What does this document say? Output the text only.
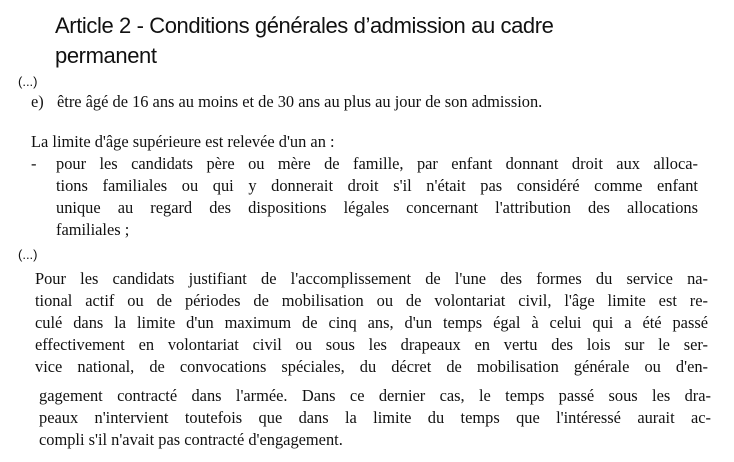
Article 2 - Conditions générales d’admission au cadre
permanent
(...)
e) être âgé de 16 ans au moins et de 30 ans au plus au jour de son admission.
La limite d'âge supérieure est relevée d'un an :
- pour les candidats père ou mère de famille, par enfant donnant droit aux alloca-
tions familiales ou qui y donnerait droit s'il n'était pas considéré comme enfant
unique au regard des dispositions légales concernant l'attribution des allocations
familiales ;
(...)
Pour les candidats justifiant de l'accomplissement de l'une des formes du service na-
tional actif ou de périodes de mobilisation ou de volontariat civil, l'âge limite est re-
culé dans la limite d'un maximum de cinq ans, d'un temps égal à celui qui a été passé
effectivement en volontariat civil ou sous les drapeaux en vertu des lois sur le ser-
vice national, de convocations spéciales, du décret de mobilisation générale ou d'en-
gagement contracté dans l'armée. Dans ce dernier cas, le temps passé sous les dra-
peaux n'intervient toutefois que dans la limite du temps que l'intéressé aurait ac-
compli s'il n'avait pas contracté d'engagement.
